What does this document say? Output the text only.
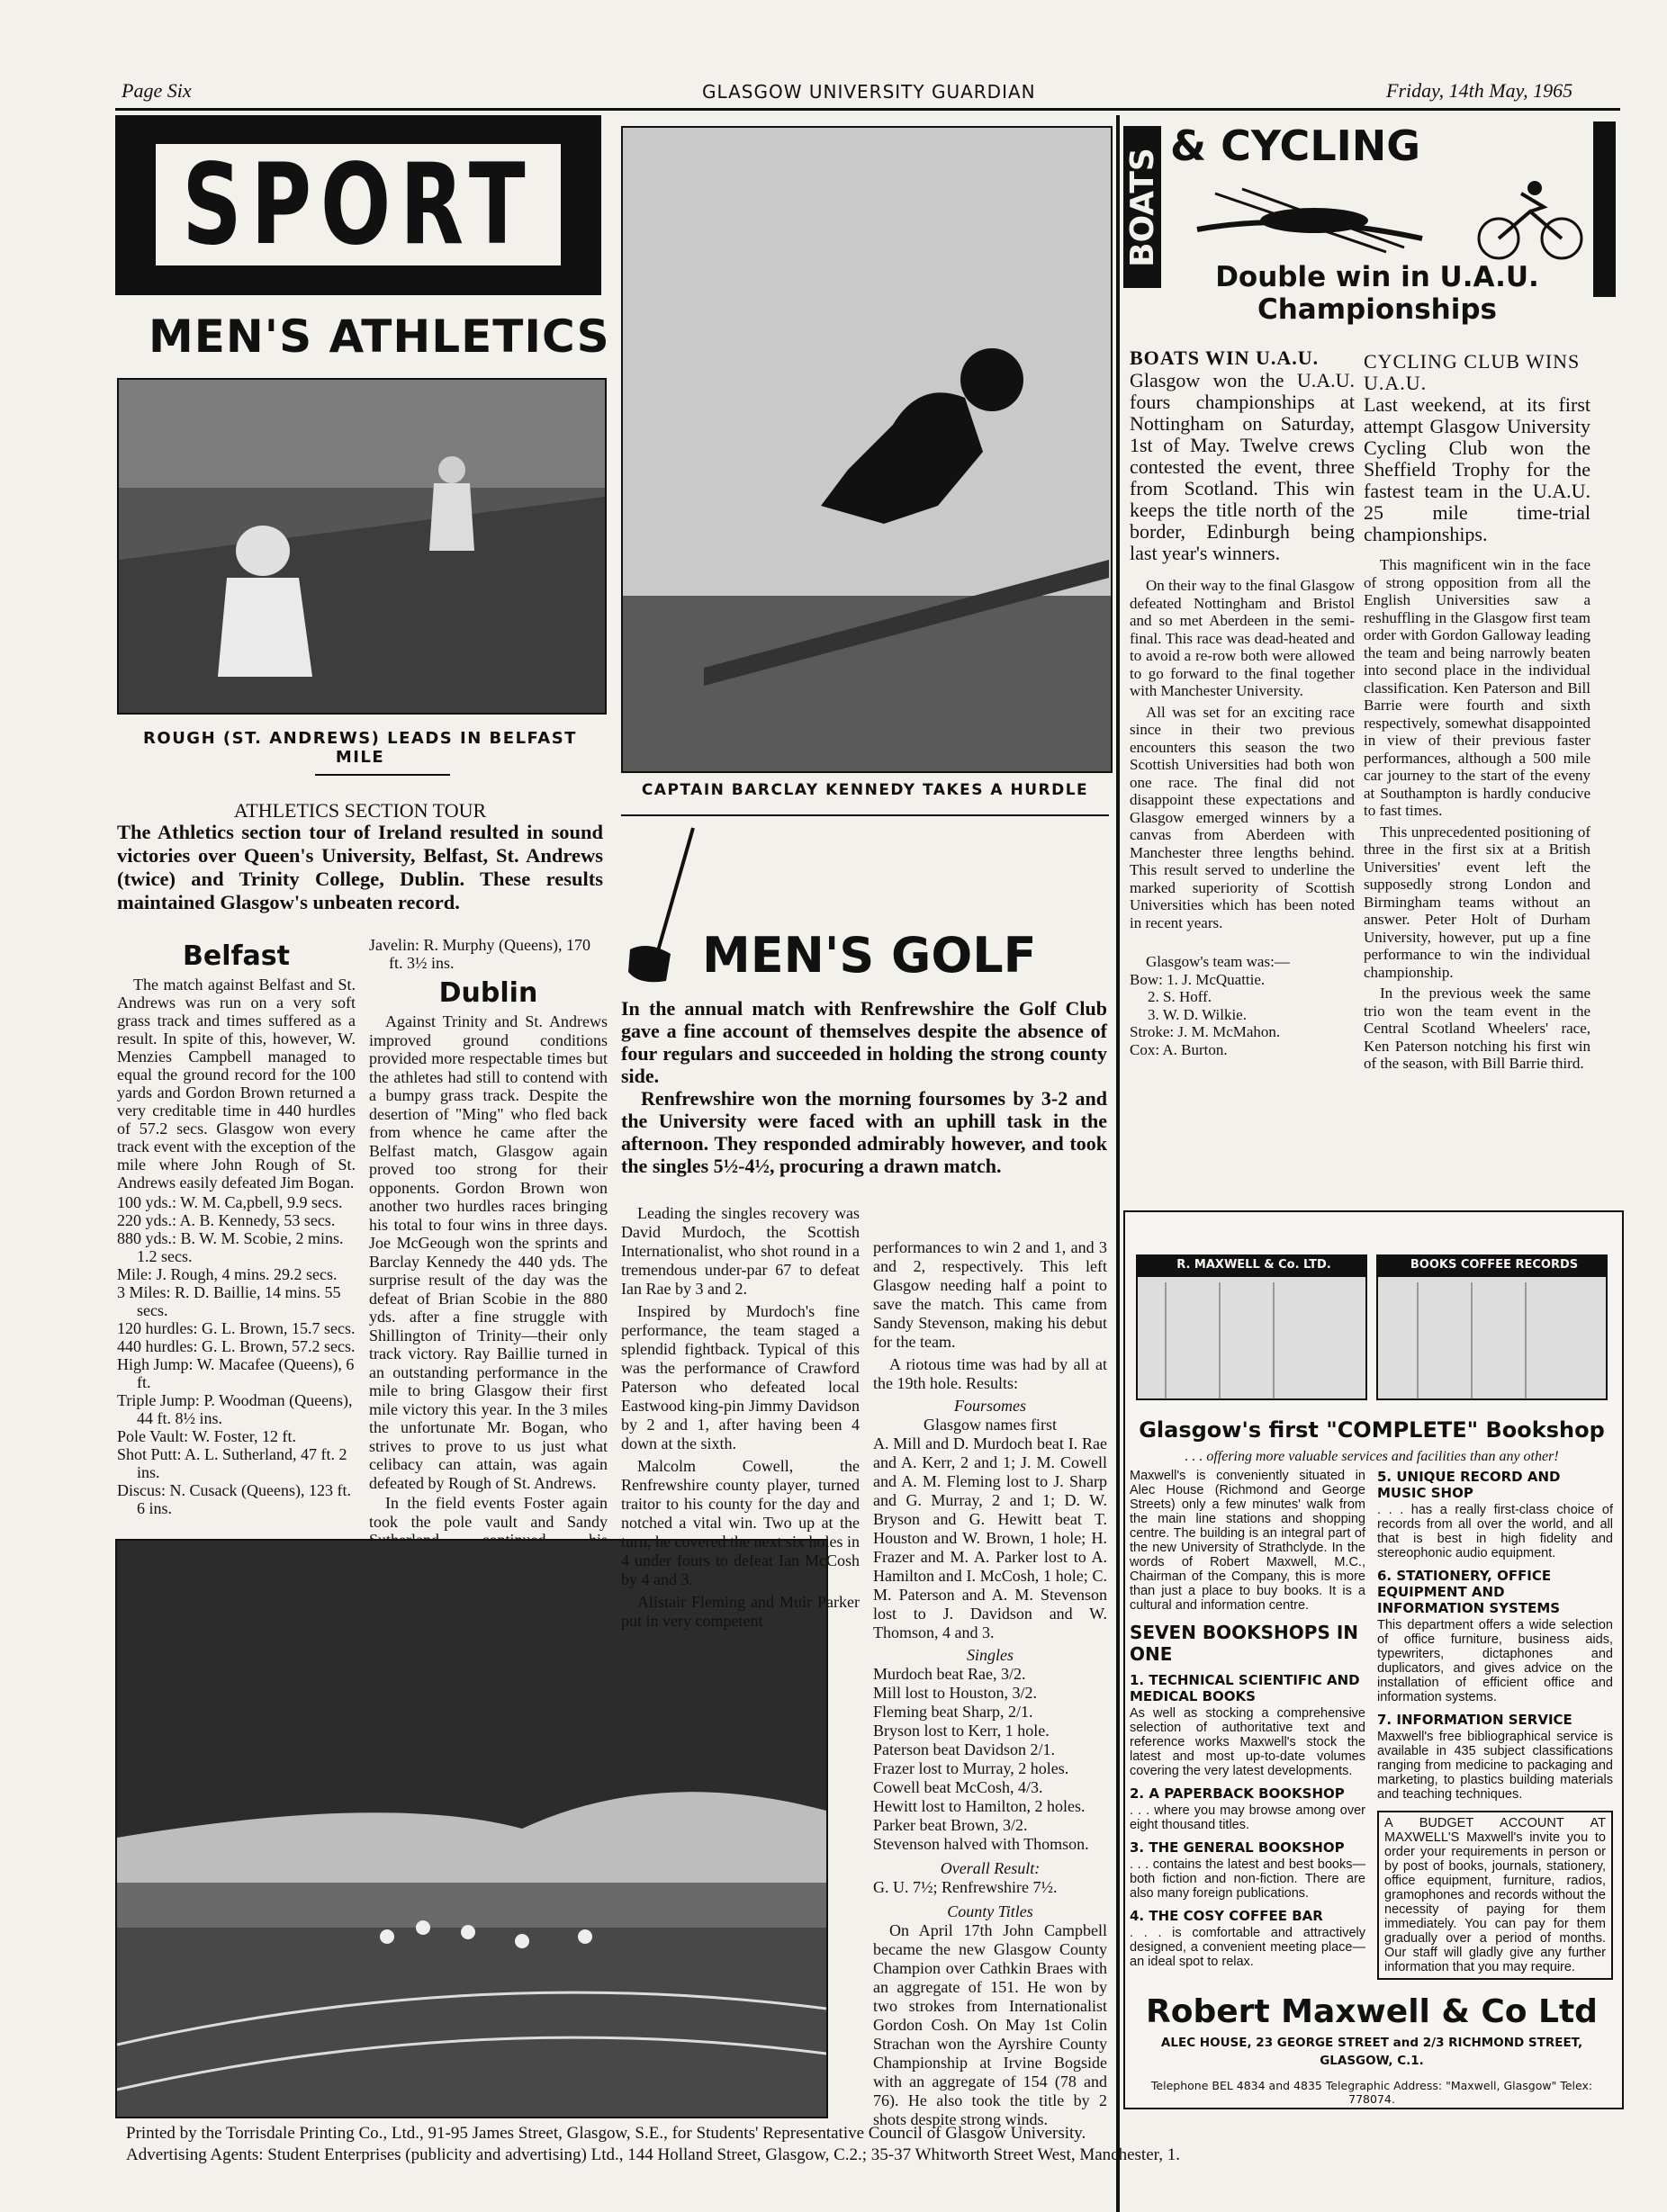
Page Six	GLASGOW UNIVERSITY GUARDIAN	Friday, 14th May, 1965
SPORT
MEN'S ATHLETICS
ROUGH (ST. ANDREWS) LEADS IN BELFAST MILE
CAPTAIN BARCLAY KENNEDY TAKES A HURDLE
ATHLETICS SECTION TOUR
The Athletics section tour of Ireland resulted in sound victories over Queen's University, Belfast, St. Andrews (twice) and Trinity College, Dublin. These results maintained Glasgow's unbeaten record.
Belfast
The match against Belfast and St. Andrews was run on a very soft grass track and times suffered as a result. In spite of this, however, W. Menzies Campbell managed to equal the ground record for the 100 yards and Gordon Brown returned a very creditable time in 440 hurdles of 57.2 secs. Glasgow won every track event with the exception of the mile where John Rough of St. Andrews easily defeated Jim Bogan.
100 yds.: W. M. Ca,pbell, 9.9 secs.
220 yds.: A. B. Kennedy, 53 secs.
880 yds.: B. W. M. Scobie, 2 mins. 1.2 secs.
Mile: J. Rough, 4 mins. 29.2 secs.
3 Miles: R. D. Baillie, 14 mins. 55 secs.
120 hurdles: G. L. Brown, 15.7 secs.
440 hurdles: G. L. Brown, 57.2 secs.
High Jump: W. Macafee (Queens), 6 ft.
Triple Jump: P. Woodman (Queens), 44 ft. 8½ ins.
Pole Vault: W. Foster, 12 ft.
Shot Putt: A. L. Sutherland, 47 ft. 2 ins.
Discus: N. Cusack (Queens), 123 ft. 6 ins.
Javelin: R. Murphy (Queens), 170 ft. 3½ ins.
Dublin
Against Trinity and St. Andrews improved ground conditions provided more respectable times but the athletes had still to contend with a bumpy grass track. Despite the desertion of "Ming" who fled back from whence he came after the Belfast match, Glasgow again proved too strong for their opponents. Gordon Brown won another two hurdles races bringing his total to four wins in three days. Joe McGeough won the sprints and Barclay Kennedy the 440 yds. The surprise result of the day was the defeat of Brian Scobie in the 880 yds. after a fine struggle with Shillington of Trinity—their only track victory. Ray Baillie turned in an outstanding performance in the mile to bring Glasgow their first mile victory this year. In the 3 miles the unfortunate Mr. Bogan, who strives to prove to us just what celibacy can attain, was again defeated by Rough of St. Andrews.
In the field events Foster again took the pole vault and Sandy
MEN'S GOLF
In the annual match with Renfrewshire the Golf Club gave a fine account of themselves despite the absence of four regulars and succeeded in holding the strong county side.
Renfrewshire won the morning foursomes by 3-2 and the University were faced with an uphill task in the afternoon. They responded admirably however, and took the singles 5½-4½, procuring a drawn match.

Leading the singles recovery was David Murdoch, the Scottish Internationalist, who shot round in a tremendous under-par 67 to defeat Ian Rae by 3 and 2.

Inspired by Murdoch's fine performance, the team staged a splendid fightback. Typical of this was the performance of Crawford Paterson who defeated local Eastwood king-pin Jimmy Davidson by 2 and 1, after having been 4 down at the sixth.

Malcolm Cowell, the Renfrewshire county player, turned traitor to his county for the day and notched a vital win. Two up at the turn, he covered the next six holes in 4 under fours to defeat Ian McCosh by 4 and 3.

Alistair Fleming and Muir Parker put in very competent

performances to win 2 and 1, and 3 and 2, respectively. This left Glasgow needing half a point to save the match. This came from Sandy Stevenson, making his debut for the team.

A riotous time was had by all at the 19th hole. Results:

Foursomes
Glasgow names first

A. Mill and D. Murdoch beat I. Rae and A. Kerr, 2 and 1; J. M. Cowell and A. M. Fleming lost to J. Sharp and G. Murray, 2 and 1; D. W. Bryson and G. Hewitt beat T. Houston and W. Brown, 1 hole; H. Frazer and M. A. Parker lost to A. Hamilton and I. McCosh, 1 hole; C. M. Paterson and A. M. Stevenson lost to J. Davidson and W. Thomson, 4 and 3.

Singles
Murdoch beat Rae, 3/2.
Mill lost to Houston, 3/2.
Fleming beat Sharp, 2/1.
Bryson lost to Kerr, 1 hole.
Paterson beat Davidson 2/1.
Frazer lost to Murray, 2 holes.
Cowell beat McCosh, 4/3.
Hewitt lost to Hamilton, 2 holes.
Parker beat Brown, 3/2.
Stevenson halved with Thomson.
Overall Result:
G. U. 7½; Renfrewshire 7½.
County Titles

On April 17th John Campbell became the new Glasgow County Champion over Cathkin Braes with an aggregate of 151. He won by two strokes from Internationalist Gordon Cosh. On May 1st Colin Strachan won the Ayrshire County Championship at Irvine Bogside with an aggregate of 154 (78 and 76). He also took the title by 2 shots despite strong winds.

BOATS
& CYCLING
Double win in U.A.U. Championships
BOATS WIN U.A.U.
Glasgow won the U.A.U. fours championships at Nottingham on Saturday, 1st of May. Twelve crews contested the event, three from Scotland. This win keeps the title north of the border, Edinburgh being last year's winners.

On their way to the final Glasgow defeated Nottingham and Bristol and so met Aberdeen in the semi-final. This race was dead-heated and to avoid a re-row both were allowed to go forward to the final together with Manchester University.

All was set for an exciting race since in their two previous encounters this season the two Scottish Universities had both won one race. The final did not disappoint these expectations and Glasgow emerged winners by a canvas from Aberdeen with Manchester three lengths behind. This result served to underline the marked superiority of Scottish Universities which has been noted in recent years.

Glasgow's team was:—
Bow: 1. J. McQuattie.
2. S. Hoff.
3. W. D. Wilkie.
Stroke: J. M. McMahon.
Cox: A. Burton.
CYCLING CLUB WINS U.A.U.
Last weekend, at its first attempt Glasgow University Cycling Club won the Sheffield Trophy for the fastest team in the U.A.U. 25 mile time-trial championships.

This magnificent win in the face of strong opposition from all the English Universities saw a reshuffling in the Glasgow first team order with Gordon Galloway leading the team and being narrowly beaten into second place in the individual classification. Ken Paterson and Bill Barrie were fourth and sixth respectively, somewhat disappointed in view of their previous faster performances, although a 500 mile car journey to the start of the eveny at Southampton is hardly conducive to fast times.

This unprecedented positioning of three in the first six at a British Universities' event left the supposedly strong London and Birmingham teams without an answer. Peter Holt of Durham University, however, put up a fine performance to win the individual championship.

In the previous week the same trio won the team event in the Central Scotland Wheelers' race, Ken Paterson notching his first win of the season, with Bill Barrie third.

R. MAXWELL & Co. LTD.	BOOKS COFFEE RECORDS
Glasgow's first "COMPLETE" Bookshop
. . . offering more valuable services and facilities than any other!
Maxwell's is conveniently situated in Alec House (Richmond and George Streets) only a few minutes' walk from the main line stations and shopping centre. The building is an integral part of the new University of Strathclyde. In the words of Robert Maxwell, M.C., Chairman of the Company, this is more than just a place to buy books. It is a cultural and information centre.
SEVEN BOOKSHOPS IN ONE
1. TECHNICAL SCIENTIFIC AND MEDICAL BOOKS
As well as stocking a comprehensive selection of authoritative text and reference works Maxwell's stock the latest and most up-to-date volumes covering the very latest developments.
2. A PAPERBACK BOOKSHOP
. . . where you may browse among over eight thousand titles.
3. THE GENERAL BOOKSHOP
. . . contains the latest and best books—both fiction and non-fiction. There are also many foreign publications.
4. THE COSY COFFEE BAR
. . . is comfortable and attractively designed, a convenient meeting place—an ideal spot to relax.
5. UNIQUE RECORD AND MUSIC SHOP
. . . has a really first-class choice of records from all over the world, and all that is best in high fidelity and stereophonic audio equipment.
6. STATIONERY, OFFICE EQUIPMENT AND INFORMATION SYSTEMS
This department offers a wide selection of office furniture, business aids, typewriters, dictaphones and duplicators, and gives advice on the installation of efficient office and information systems.
7. INFORMATION SERVICE
Maxwell's free bibliographical service is available in 435 subject classifications ranging from medicine to packaging and marketing, to plastics building materials and teaching techniques.
A BUDGET ACCOUNT AT MAXWELL'S Maxwell's invite you to order your requirements in person or by post of books, journals, stationery, office equipment, furniture, radios, gramophones and records without the necessity of paying for them immediately. You can pay for them gradually over a period of months. Our staff will gladly give any further information that you may require.
Robert Maxwell & Co Ltd
ALEC HOUSE, 23 GEORGE STREET and 2/3 RICHMOND STREET,
GLASGOW, C.1.
Telephone BEL 4834 and 4835 Telegraphic Address: "Maxwell, Glasgow" Telex: 778074.
Printed by the Torrisdale Printing Co., Ltd., 91-95 James Street, Glasgow, S.E., for Students' Representative Council of Glasgow University.
Advertising Agents: Student Enterprises (publicity and advertising) Ltd., 144 Holland Street, Glasgow, C.2.; 35-37 Whitworth Street West, Manchester, 1.
